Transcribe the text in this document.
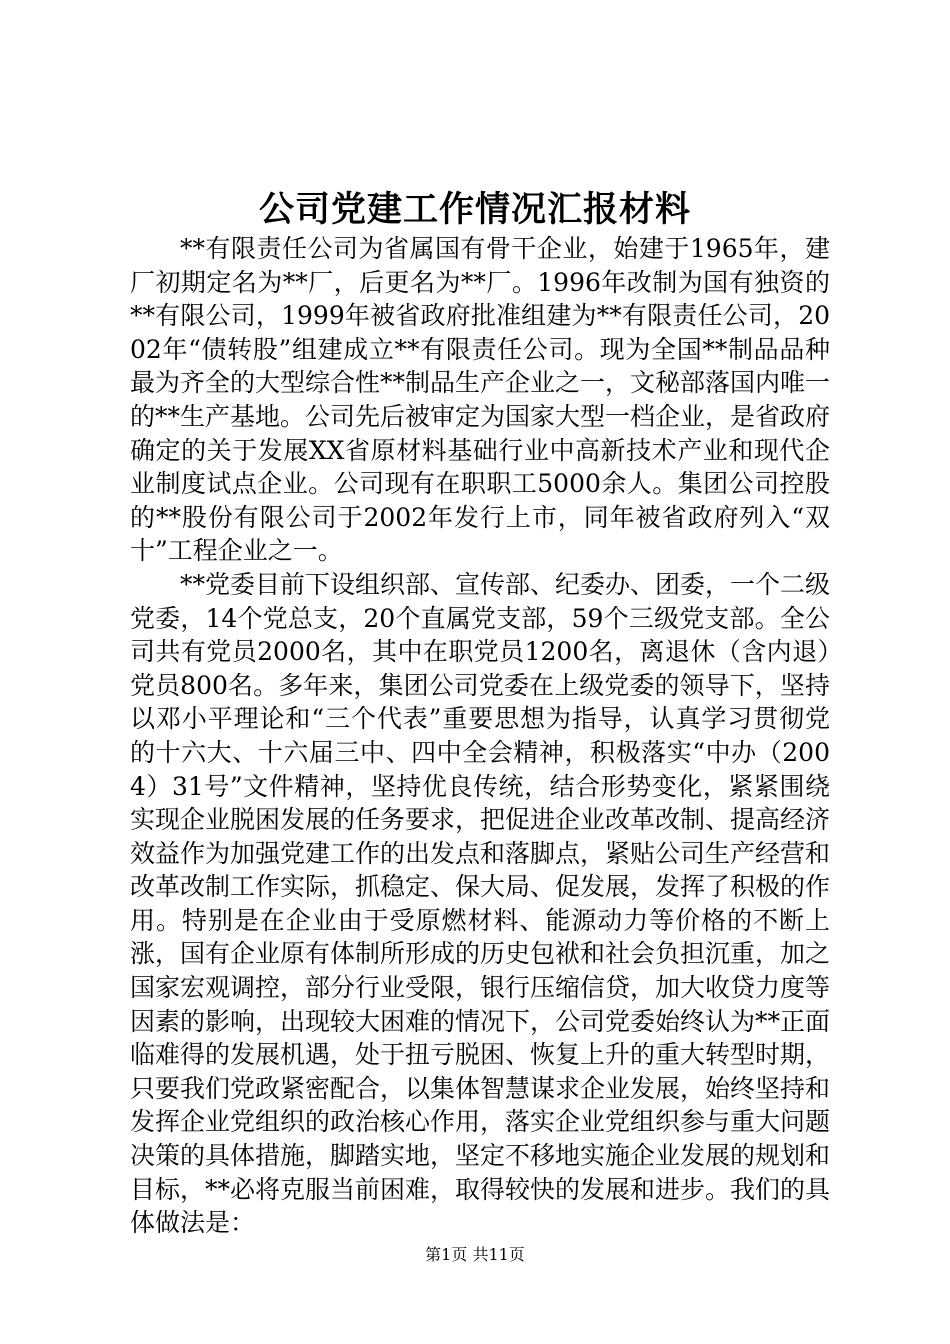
公司党建工作情况汇报材料

**有限责任公司为省属国有骨干企业，始建于1965年，建厂初期定名为**厂，后更名为**厂。1996年改制为国有独资的**有限公司，1999年被省政府批准组建为**有限责任公司，2002年“债转股”组建成立**有限责任公司。现为全国**制品品种最为齐全的大型综合性**制品生产企业之一，文秘部落国内唯一的**生产基地。公司先后被审定为国家大型一档企业，是省政府确定的关于发展XX省原材料基础行业中高新技术产业和现代企业制度试点企业。公司现有在职职工5000余人。集团公司控股的**股份有限公司于2002年发行上市，同年被省政府列入“双十”工程企业之一。

**党委目前下设组织部、宣传部、纪委办、团委，一个二级党委，14个党总支，20个直属党支部，59个三级党支部。全公司共有党员2000名，其中在职党员1200名，离退休（含内退）党员800名。多年来，集团公司党委在上级党委的领导下，坚持以邓小平理论和“三个代表”重要思想为指导，认真学习贯彻党的十六大、十六届三中、四中全会精神，积极落实“中办（2004）31号”文件精神，坚持优良传统，结合形势变化，紧紧围绕实现企业脱困发展的任务要求，把促进企业改革改制、提高经济效益作为加强党建工作的出发点和落脚点，紧贴公司生产经营和改革改制工作实际，抓稳定、保大局、促发展，发挥了积极的作用。特别是在企业由于受原燃材料、能源动力等价格的不断上涨，国有企业原有体制所形成的历史包袱和社会负担沉重，加之国家宏观调控，部分行业受限，银行压缩信贷，加大收贷力度等因素的影响，出现较大困难的情况下，公司党委始终认为**正面临难得的发展机遇，处于扭亏脱困、恢复上升的重大转型时期，只要我们党政紧密配合，以集体智慧谋求企业发展，始终坚持和发挥企业党组织的政治核心作用，落实企业党组织参与重大问题决策的具体措施，脚踏实地，坚定不移地实施企业发展的规划和目标，**必将克服当前困难，取得较快的发展和进步。我们的具体做法是：

第1页 共11页
